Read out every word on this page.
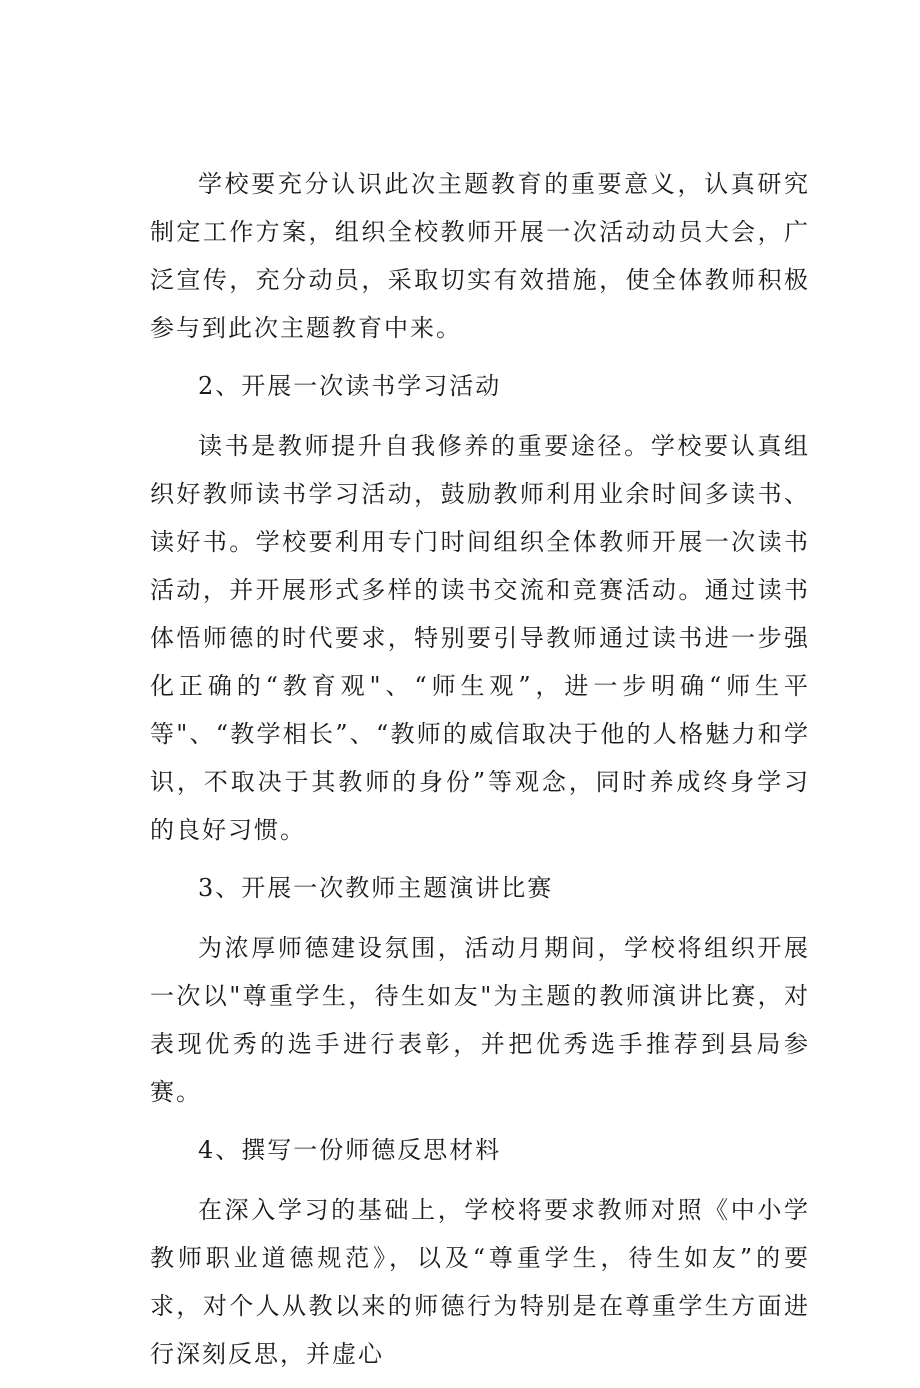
学校要充分认识此次主题教育的重要意义，认真研究制定工作方案，组织全校教师开展一次活动动员大会，广泛宣传，充分动员，采取切实有效措施，使全体教师积极参与到此次主题教育中来。

2、开展一次读书学习活动

读书是教师提升自我修养的重要途径。学校要认真组织好教师读书学习活动，鼓励教师利用业余时间多读书、读好书。学校要利用专门时间组织全体教师开展一次读书活动，并开展形式多样的读书交流和竞赛活动。通过读书体悟师德的时代要求，特别要引导教师通过读书进一步强化正确的“教育观"、“师生观”，进一步明确“师生平等"、“教学相长”、“教师的威信取决于他的人格魅力和学识，不取决于其教师的身份”等观念，同时养成终身学习的良好习惯。

3、开展一次教师主题演讲比赛

为浓厚师德建设氛围，活动月期间，学校将组织开展一次以"尊重学生，待生如友"为主题的教师演讲比赛，对表现优秀的选手进行表彰，并把优秀选手推荐到县局参赛。

4、撰写一份师德反思材料

在深入学习的基础上，学校将要求教师对照《中小学教师职业道德规范》，以及“尊重学生，待生如友”的要求，对个人从教以来的师德行为特别是在尊重学生方面进行深刻反思，并虚心
